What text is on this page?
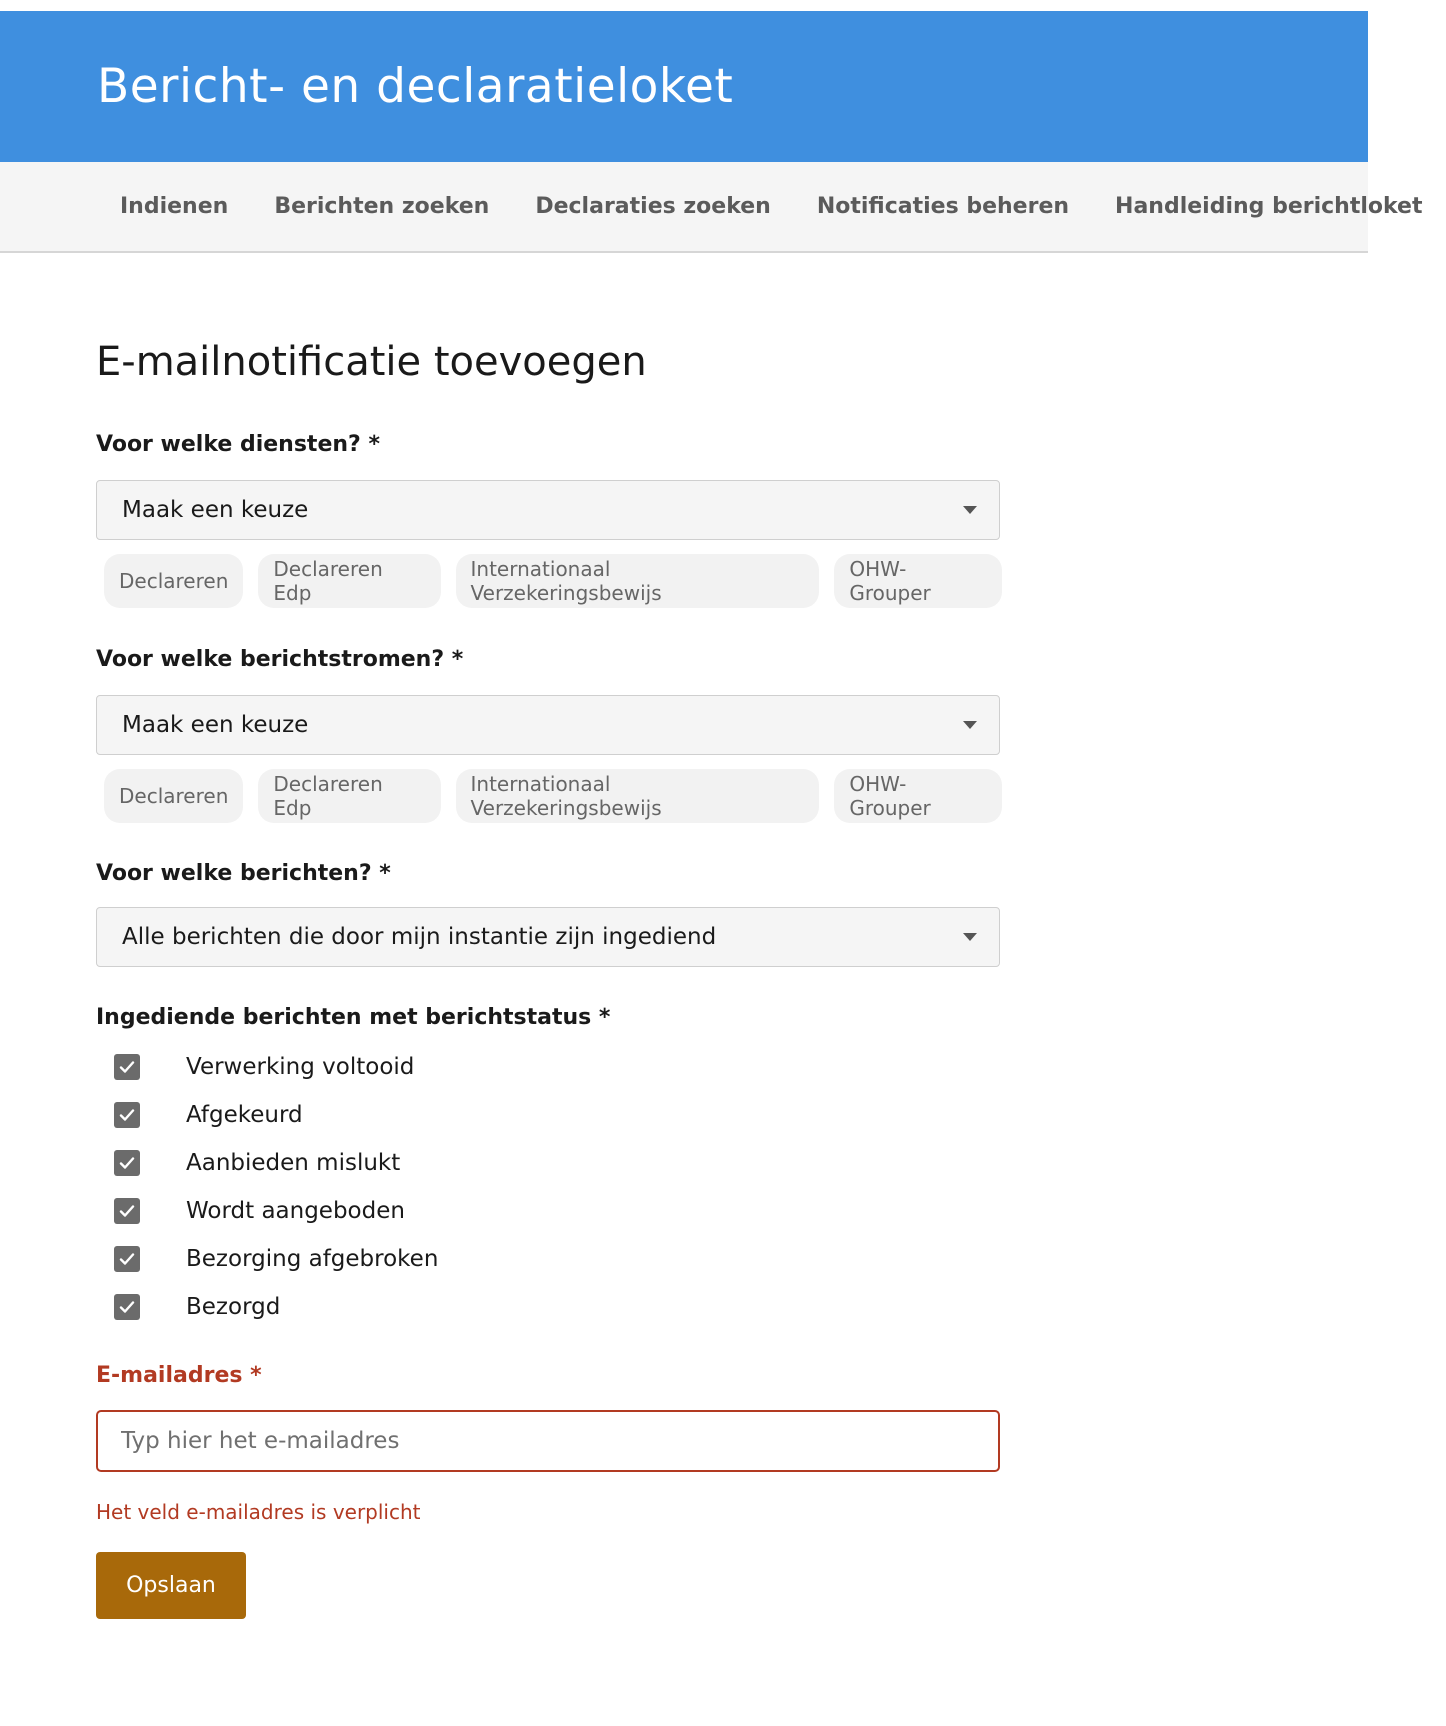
Bericht- en declaratieloket
Indienen	Berichten zoeken	Declaraties zoeken	Notificaties beheren	Handleiding berichtloket
E-mailnotificatie toevoegen
Voor welke diensten? *
Maak een keuze
Declareren	Declareren Edp
Internationaal Verzekeringsbewijs
OHW-Grouper
Voor welke berichtstromen? *
Maak een keuze
Declareren	Declareren Edp
Internationaal Verzekeringsbewijs
OHW-Grouper
Voor welke berichten? *
Alle berichten die door mijn instantie zijn ingediend
Ingediende berichten met berichtstatus *
Verwerking voltooid
Afgekeurd
Aanbieden mislukt
Wordt aangeboden
Bezorging afgebroken
Bezorgd
E-mailadres *
Typ hier het e-mailadres
Het veld e-mailadres is verplicht
Opslaan
